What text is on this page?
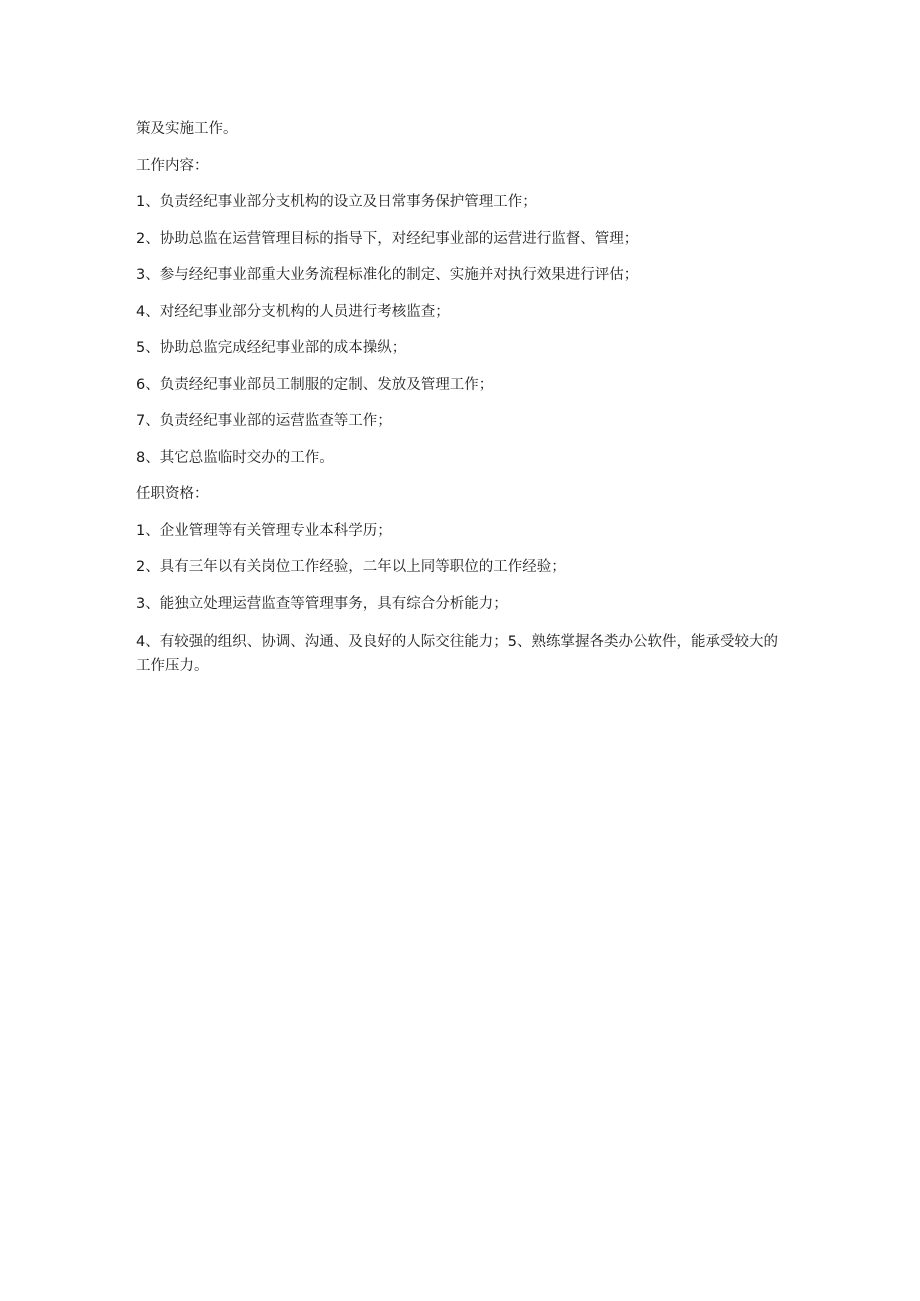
策及实施工作。

工作内容：

1、负责经纪事业部分支机构的设立及日常事务保护管理工作；

2、协助总监在运营管理目标的指导下，对经纪事业部的运营进行监督、管理；

3、参与经纪事业部重大业务流程标准化的制定、实施并对执行效果进行评估；

4、对经纪事业部分支机构的人员进行考核监查；

5、协助总监完成经纪事业部的成本操纵；

6、负责经纪事业部员工制服的定制、发放及管理工作；

7、负责经纪事业部的运营监查等工作；

8、其它总监临时交办的工作。

任职资格：

1、企业管理等有关管理专业本科学历；

2、具有三年以有关岗位工作经验，二年以上同等职位的工作经验；

3、能独立处理运营监查等管理事务，具有综合分析能力；

4、有较强的组织、协调、沟通、及良好的人际交往能力；5、熟练掌握各类办公软件，能承受较大的工作压力。
